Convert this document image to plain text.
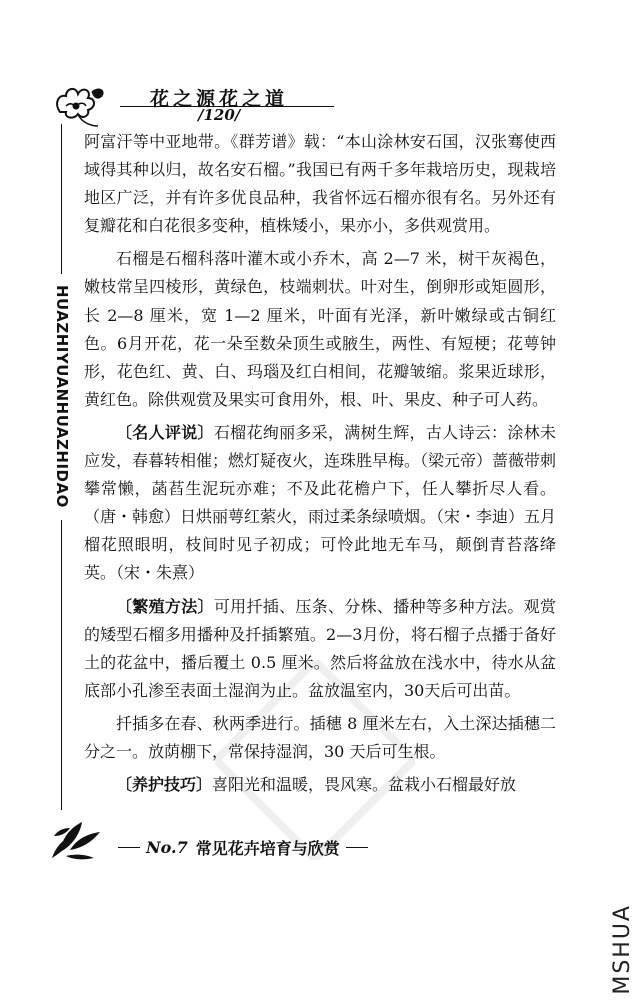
花之源花之道
/120/
HUAZHIYUANHUAZHIDAO

阿富汗等中亚地带。《群芳谱》载：“本山涂林安石国，汉张骞使西域得其种以归，故名安石榴。”我国已有两千多年栽培历史，现栽培地区广泛，并有许多优良品种，我省怀远石榴亦很有名。另外还有复瓣花和白花很多变种，植株矮小，果亦小，多供观赏用。

石榴是石榴科落叶灌木或小乔木，高 2—7 米，树干灰褐色，嫩枝常呈四棱形，黄绿色，枝端刺状。叶对生，倒卵形或矩圆形，长 2—8 厘米，宽 1—2 厘米，叶面有光泽，新叶嫩绿或古铜红色。6月开花，花一朵至数朵顶生或腋生，两性、有短梗；花萼钟形，花色红、黄、白、玛瑙及红白相间，花瓣皱缩。浆果近球形，黄红色。除供观赏及果实可食用外，根、叶、果皮、种子可人药。

〔名人评说〕石榴花绚丽多采，满树生辉，古人诗云：涂林未应发，春暮转相催；燃灯疑夜火，连珠胜早梅。（梁元帝）蔷薇带刺攀常懒，菡萏生泥玩亦难；不及此花檐户下，任人攀折尽人看。（唐・韩愈）日烘丽萼红萦火，雨过柔条绿喷烟。（宋・李迪）五月榴花照眼明，枝间时见子初成；可怜此地无车马，颠倒青苔落绛英。（宋・朱熹）

〔繁殖方法〕可用扦插、压条、分株、播种等多种方法。观赏的矮型石榴多用播种及扦插繁殖。2—3月份，将石榴子点播于备好土的花盆中，播后覆土 0.5 厘米。然后将盆放在浅水中，待水从盆底部小孔渗至表面土湿润为止。盆放温室内，30天后可出苗。

扦插多在春、秋两季进行。插穗 8 厘米左右，入土深达插穗二分之一。放荫棚下，常保持湿润，30 天后可生根。

〔养护技巧〕喜阳光和温暖，畏风寒。盆栽小石榴最好放

No.7 常见花卉培育与欣赏
MSHUA
